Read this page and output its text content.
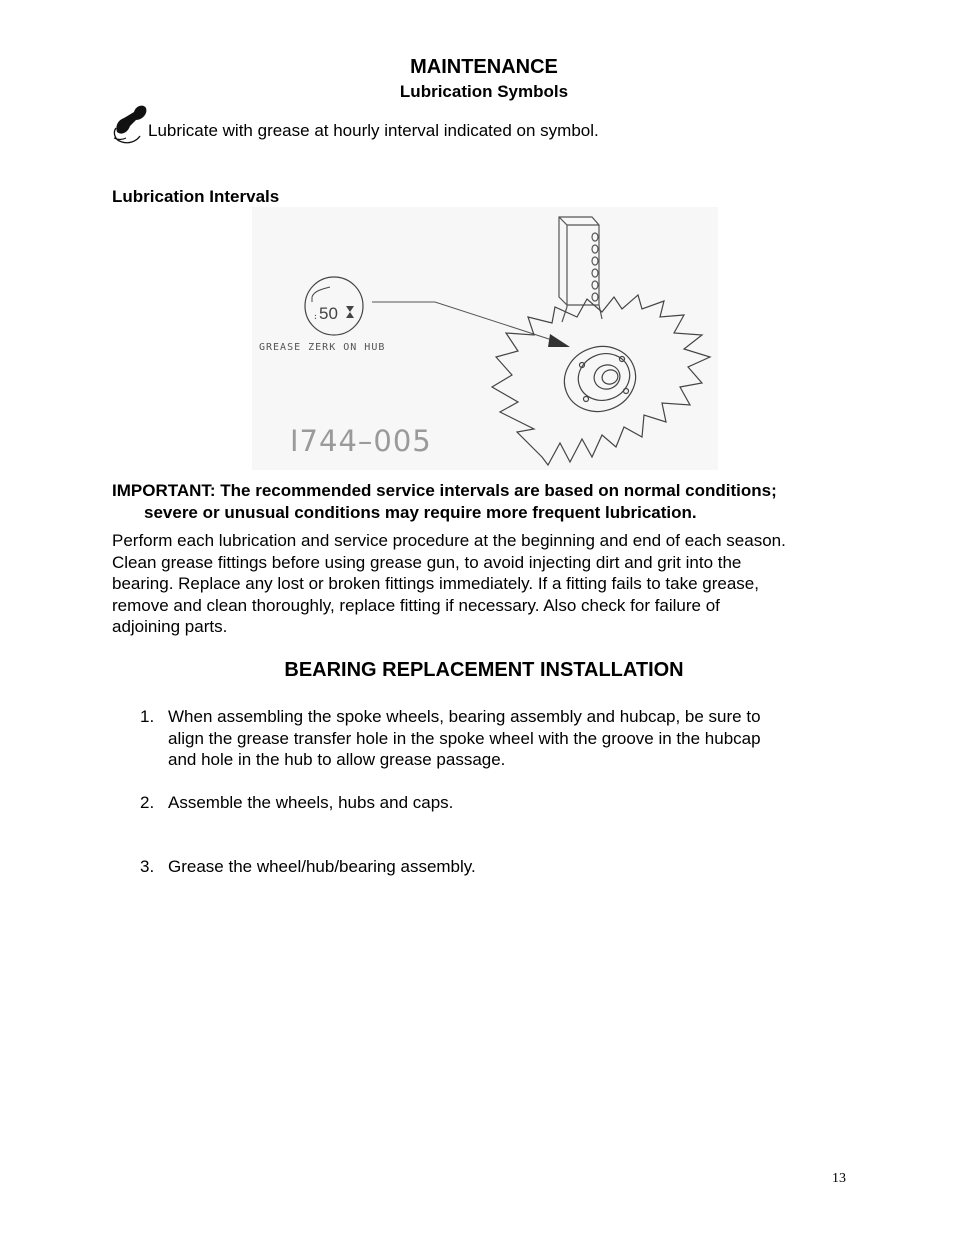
MAINTENANCE
Lubrication Symbols
Lubricate with grease at hourly interval indicated on symbol.
Lubrication Intervals
: 50
GREASE ZERK ON HUB
I744–005
IMPORTANT: The recommended service intervals are based on normal conditions;
severe or unusual conditions may require more frequent lubrication.
Perform each lubrication and service procedure at the beginning and end of each season.
Clean grease fittings before using grease gun, to avoid injecting dirt and grit into the
bearing. Replace any lost or broken fittings immediately. If a fitting fails to take grease,
remove and clean thoroughly, replace fitting if necessary. Also check for failure of
adjoining parts.
BEARING REPLACEMENT INSTALLATION
1. When assembling the spoke wheels, bearing assembly and hubcap, be sure to
align the grease transfer hole in the spoke wheel with the groove in the hubcap
and hole in the hub to allow grease passage.
2. Assemble the wheels, hubs and caps.
3. Grease the wheel/hub/bearing assembly.
13
